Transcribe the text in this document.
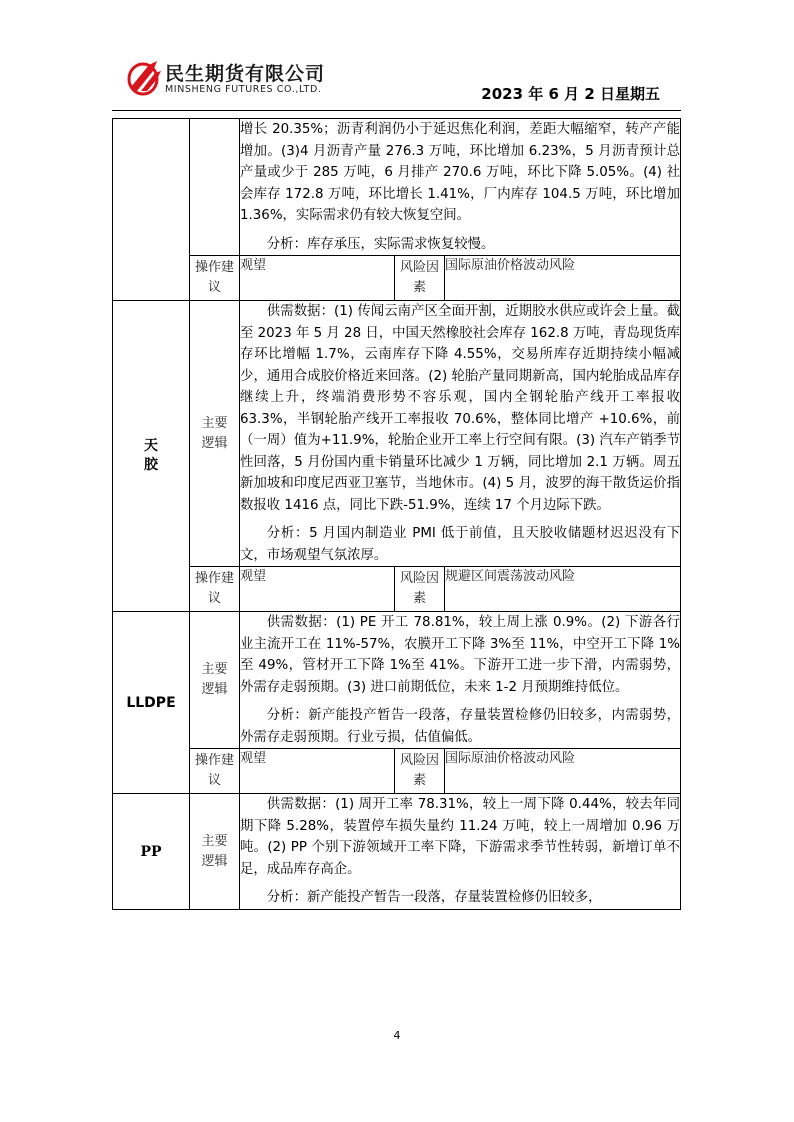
民生期货有限公司
MINSHENG FUTURES CO.,LTD.	2023 年 6 月 2 日星期五

		增长 20.35%；沥青利润仍小于延迟焦化利润，差距大幅缩窄，转产产能增加。(3)4 月沥青产量 276.3 万吨，环比增加 6.23%，5 月沥青预计总产量或少于 285 万吨，6 月排产 270.6 万吨，环比下降 5.05%。(4) 社会库存 172.8 万吨，环比增长 1.41%，厂内库存 104.5 万吨，环比增加 1.36%，实际需求仍有较大恢复空间。

分析：库存承压，实际需求恢复较慢。		

	操作建议	观望	风险因素	国际原油价格波动风险
天胶	主要逻辑	供需数据：(1) 传闻云南产区全面开割，近期胶水供应或许会上量。截至 2023 年 5 月 28 日，中国天然橡胶社会库存 162.8 万吨，青岛现货库存环比增幅 1.7%，云南库存下降 4.55%，交易所库存近期持续小幅减少，通用合成胶价格近来回落。(2) 轮胎产量同期新高，国内轮胎成品库存继续上升，终端消费形势不容乐观，国内全钢轮胎产线开工率报收 63.3%，半钢轮胎产线开工率报收 70.6%，整体同比增产 +10.6%，前（一周）值为+11.9%，轮胎企业开工率上行空间有限。(3) 汽车产销季节性回落，5 月份国内重卡销量环比减少 1 万辆，同比增加 2.1 万辆。周五新加坡和印度尼西亚卫塞节，当地休市。(4) 5 月，波罗的海干散货运价指数报收 1416 点，同比下跌-51.9%，连续 17 个月边际下跌。

分析：5 月国内制造业 PMI 低于前值，且天胶收储题材迟迟没有下文，市场观望气氛浓厚。		

	操作建议	观望	风险因素	规避区间震荡波动风险
LLDPE	主要逻辑	供需数据：(1) PE 开工 78.81%，较上周上涨 0.9%。(2) 下游各行业主流开工在 11%-57%，农膜开工下降 3%至 11%，中空开工下降 1%至 49%，管材开工下降 1%至 41%。下游开工进一步下滑，内需弱势，外需存走弱预期。(3) 进口前期低位，未来 1-2 月预期维持低位。

分析：新产能投产暂告一段落，存量装置检修仍旧较多，内需弱势，外需存走弱预期。行业亏损，估值偏低。		

	操作建议	观望	风险因素	国际原油价格波动风险
PP	主要逻辑	供需数据：(1) 周开工率 78.31%，较上一周下降 0.44%，较去年同期下降 5.28%，装置停车损失量约 11.24 万吨，较上一周增加 0.96 万吨。(2) PP 个别下游领域开工率下降，下游需求季节性转弱，新增订单不足，成品库存高企。

分析：新产能投产暂告一段落，存量装置检修仍旧较多，		

4
